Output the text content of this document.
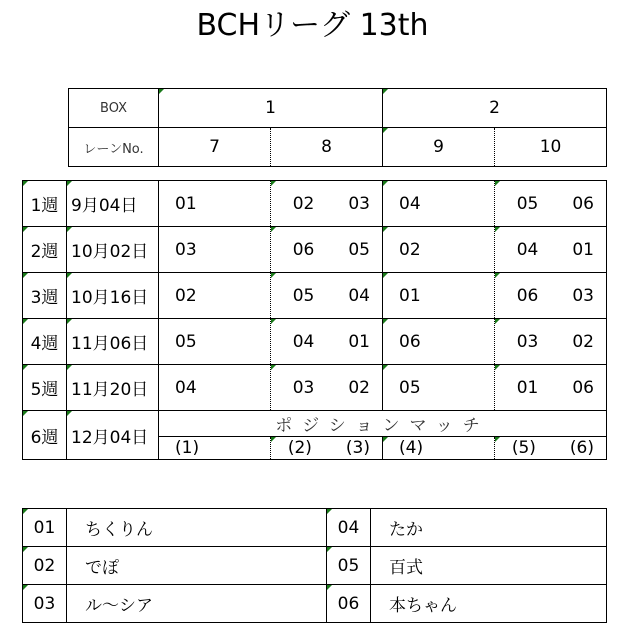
BCHリーグ 13th
BOX	1		2	
レーンNo.	7	8	9	10
1週	9月04日	01	02 03	04	05 06

2週	10月02日	03	06 05	02	04 01

3週	10月16日	02	05 04	01	06 03

4週	11月06日	05	04 01	06	03 02

5週	11月20日	04	03 02	05	01 06

6週	12月04日	ポジションマッチ			
		(1)	(2) (3)	(4)	(5) (6)
01	ちくりん	04	たか
02	でぽ	05	百式
03	ル～シア	06	本ちゃん
